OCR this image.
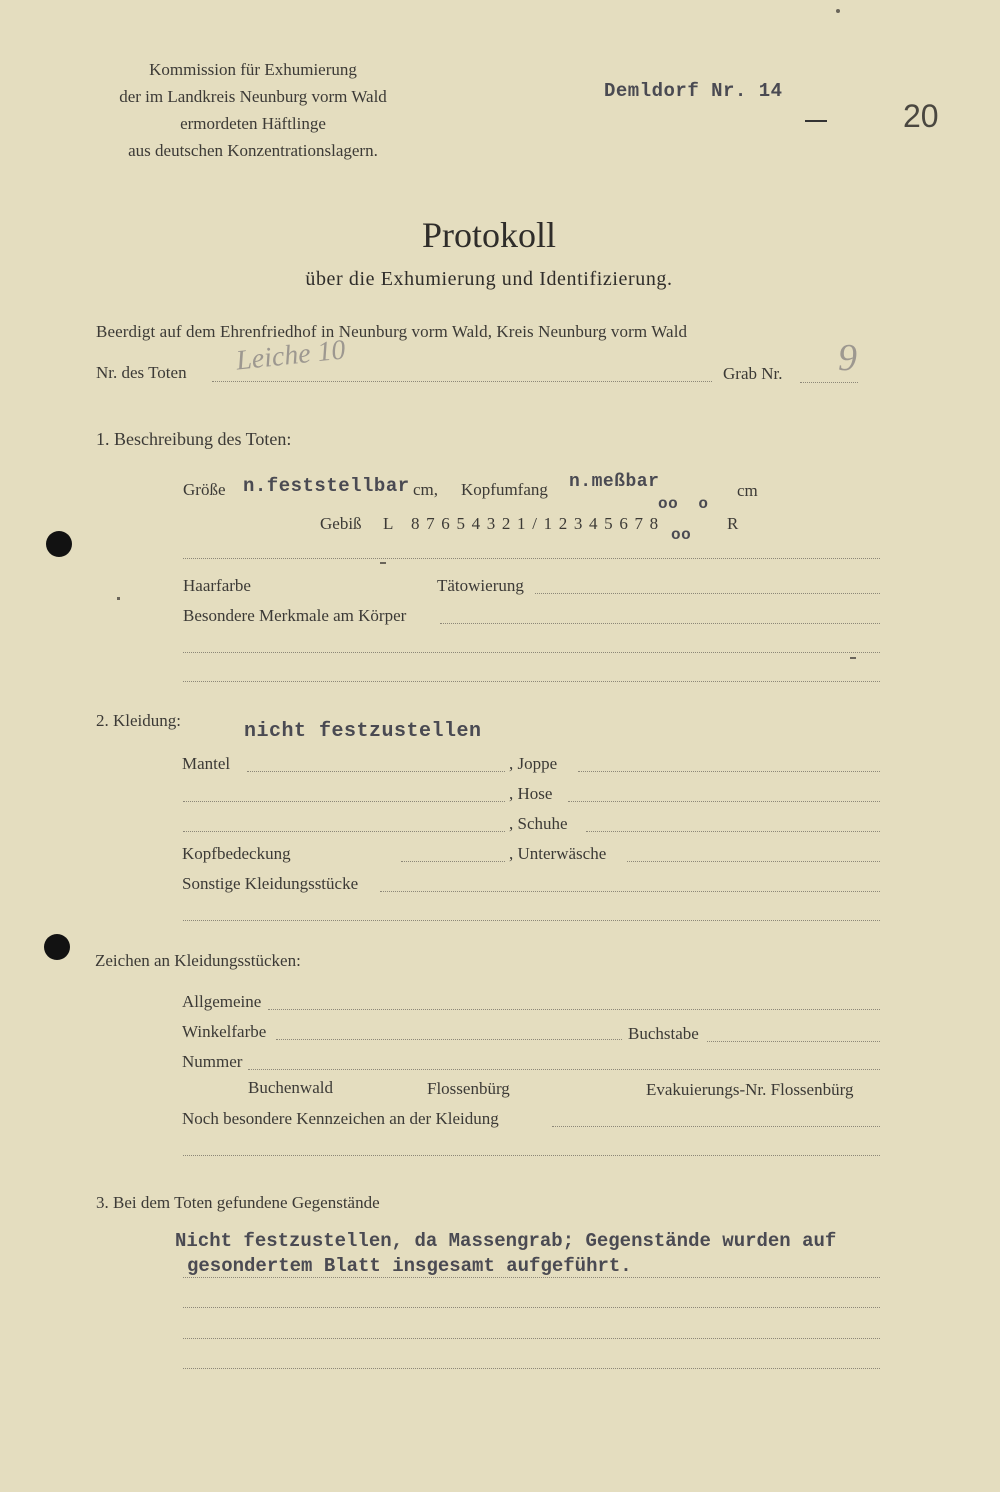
Kommission für Exhumierung
der im Landkreis Neunburg vorm Wald
ermordeten Häftlinge
aus deutschen Konzentrationslagern.
Demldorf Nr. 14
20
Protokoll
über die Exhumierung und Identifizierung.
Beerdigt auf dem Ehrenfriedhof in Neunburg vorm Wald, Kreis Neunburg vorm Wald
Nr. des Toten Leiche 10	Grab Nr. 9
1. Beschreibung des Toten:
Größe n.feststellbar cm, Kopfumfang n.meßbar	cm
oo  o
Gebiß L 8 7 6 5 4 3 2 1 / 1 2 3 4 5 6 7 8	R
oo
Haarfarbe	Tätowierung
Besondere Merkmale am Körper
2. Kleidung:	nicht festzustellen
Mantel	, Joppe
, Hose
, Schuhe
Kopfbedeckung	, Unterwäsche
Sonstige Kleidungsstücke
Zeichen an Kleidungsstücken:
Allgemeine
Winkelfarbe	Buchstabe
Nummer
Buchenwald	Flossenbürg	Evakuierungs-Nr. Flossenbürg
Noch besondere Kennzeichen an der Kleidung
3. Bei dem Toten gefundene Gegenstände
Nicht festzustellen, da Massengrab; Gegenstände wurden auf
gesondertem Blatt insgesamt aufgeführt.
